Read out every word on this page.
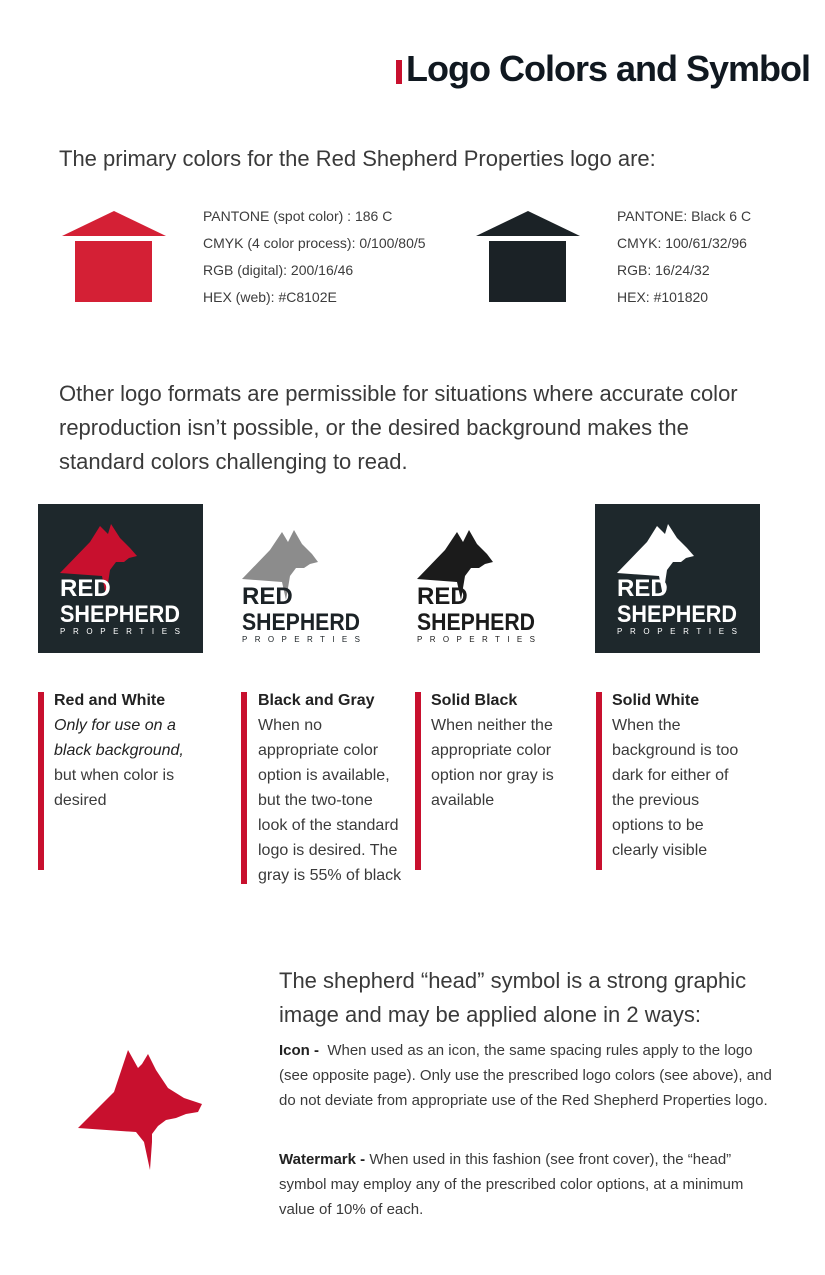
Logo Colors and Symbol
The primary colors for the Red Shepherd Properties logo are:
PANTONE (spot color) : 186 C
CMYK (4 color process): 0/100/80/5
RGB (digital): 200/16/46
HEX (web): #C8102E
PANTONE: Black 6 C
CMYK: 100/61/32/96
RGB: 16/24/32
HEX: #101820
Other logo formats are permissible for situations where accurate color reproduction isn’t possible, or the desired background makes the standard colors challenging to read.
RED
SHEPHERD
PROPERTIES
RED
SHEPHERD
PROPERTIES
RED
SHEPHERD
PROPERTIES
RED
SHEPHERD
PROPERTIES
Red and White
Only for use on a black background,
but when color is desired
Black and Gray
When no appropriate color option is available, but the two-tone look of the standard logo is desired. The gray is 55% of black
Solid Black
When neither the appropriate color option nor gray is available
Solid White
When the background is too dark for either of the previous options to be clearly visible
The shepherd “head” symbol is a strong graphic image and may be applied alone in 2 ways:
Icon - When used as an icon, the same spacing rules apply to the logo (see opposite page). Only use the prescribed logo colors (see above), and do not deviate from appropriate use of the Red Shepherd Properties logo.
Watermark - When used in this fashion (see front cover), the “head” symbol may employ any of the prescribed color options, at a minimum value of 10% of each.
